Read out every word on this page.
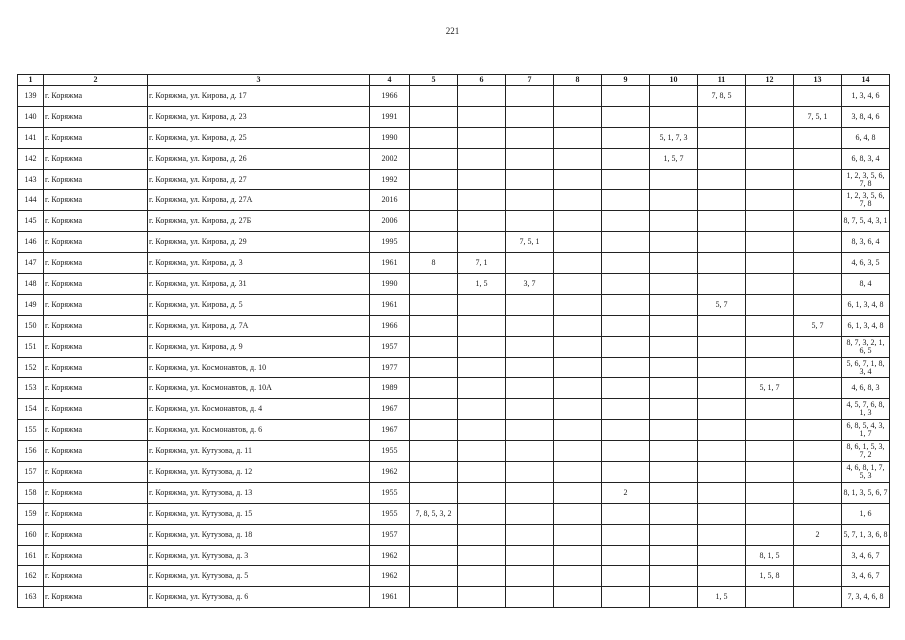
221
1	2	3	4	5	6	7	8	9	10	11	12	13	14
139	г. Коряжма	г. Коряжма, ул. Кирова, д. 17	1966							7, 8, 5			1, 3, 4, 6
140	г. Коряжма	г. Коряжма, ул. Кирова, д. 23	1991									7, 5, 1	3, 8, 4, 6
141	г. Коряжма	г. Коряжма, ул. Кирова, д. 25	1990						5, 1, 7, 3				6, 4, 8
142	г. Коряжма	г. Коряжма, ул. Кирова, д. 26	2002						1, 5, 7				6, 8, 3, 4
143	г. Коряжма	г. Коряжма, ул. Кирова, д. 27	1992										1, 2, 3, 5, 6, 7, 8
144	г. Коряжма	г. Коряжма, ул. Кирова, д. 27А	2016										1, 2, 3, 5, 6, 7, 8
145	г. Коряжма	г. Коряжма, ул. Кирова, д. 27Б	2006										8, 7, 5, 4, 3, 1
146	г. Коряжма	г. Коряжма, ул. Кирова, д. 29	1995			7, 5, 1							8, 3, 6, 4
147	г. Коряжма	г. Коряжма, ул. Кирова, д. 3	1961	8	7, 1								4, 6, 3, 5
148	г. Коряжма	г. Коряжма, ул. Кирова, д. 31	1990		1, 5	3, 7							8, 4
149	г. Коряжма	г. Коряжма, ул. Кирова, д. 5	1961							5, 7			6, 1, 3, 4, 8
150	г. Коряжма	г. Коряжма, ул. Кирова, д. 7А	1966									5, 7	6, 1, 3, 4, 8
151	г. Коряжма	г. Коряжма, ул. Кирова, д. 9	1957										8, 7, 3, 2, 1, 6, 5
152	г. Коряжма	г. Коряжма, ул. Космонавтов, д. 10	1977										5, 6, 7, 1, 8, 3, 4
153	г. Коряжма	г. Коряжма, ул. Космонавтов, д. 10А	1989								5, 1, 7		4, 6, 8, 3
154	г. Коряжма	г. Коряжма, ул. Космонавтов, д. 4	1967										4, 5, 7, 6, 8, 1, 3
155	г. Коряжма	г. Коряжма, ул. Космонавтов, д. 6	1967										6, 8, 5, 4, 3, 1, 7
156	г. Коряжма	г. Коряжма, ул. Кутузова, д. 11	1955										8, 6, 1, 5, 3, 7, 2
157	г. Коряжма	г. Коряжма, ул. Кутузова, д. 12	1962										4, 6, 8, 1, 7, 5, 3
158	г. Коряжма	г. Коряжма, ул. Кутузова, д. 13	1955					2					8, 1, 3, 5, 6, 7
159	г. Коряжма	г. Коряжма, ул. Кутузова, д. 15	1955	7, 8, 5, 3, 2									1, 6
160	г. Коряжма	г. Коряжма, ул. Кутузова, д. 18	1957									2	5, 7, 1, 3, 6, 8
161	г. Коряжма	г. Коряжма, ул. Кутузова, д. 3	1962								8, 1, 5		3, 4, 6, 7
162	г. Коряжма	г. Коряжма, ул. Кутузова, д. 5	1962								1, 5, 8		3, 4, 6, 7
163	г. Коряжма	г. Коряжма, ул. Кутузова, д. 6	1961							1, 5			7, 3, 4, 6, 8
